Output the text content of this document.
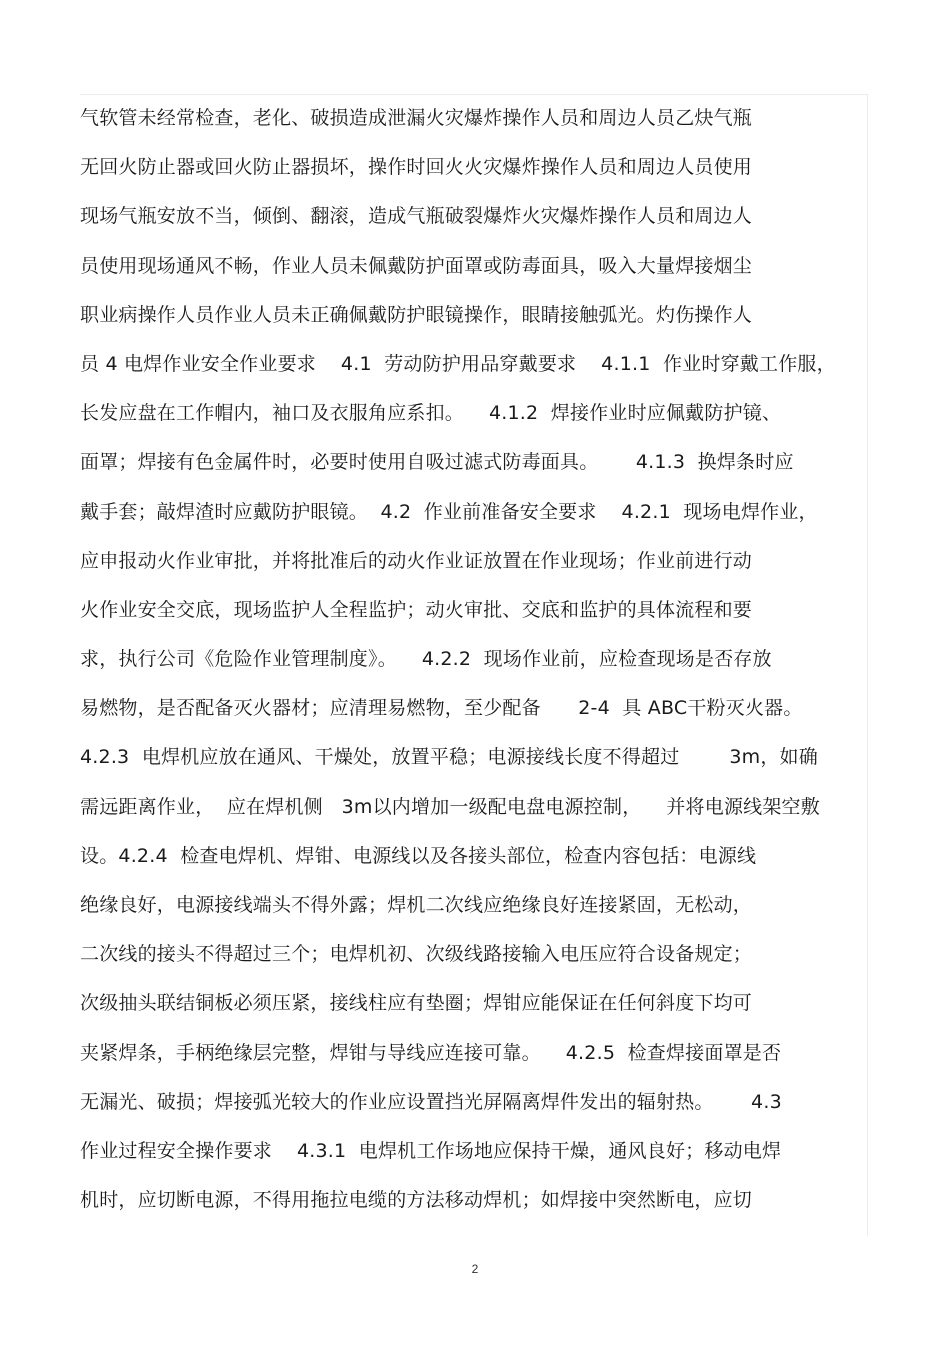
气软管未经常检查，老化、破损造成泄漏火灾爆炸操作人员和周边人员乙炔气瓶
无回火防止器或回火防止器损坏，操作时回火火灾爆炸操作人员和周边人员使用
现场气瓶安放不当，倾倒、翻滚，造成气瓶破裂爆炸火灾爆炸操作人员和周边人
员使用现场通风不畅，作业人员未佩戴防护面罩或防毒面具，吸入大量焊接烟尘
职业病操作人员作业人员未正确佩戴防护眼镜操作，眼睛接触弧光。灼伤操作人
员 4 电焊作业安全作业要求    4.1  劳动防护用品穿戴要求    4.1.1  作业时穿戴工作服，
长发应盘在工作帽内，袖口及衣服角应系扣。    4.1.2  焊接作业时应佩戴防护镜、
面罩；焊接有色金属件时，必要时使用自吸过滤式防毒面具。      4.1.3  换焊条时应
戴手套；敲焊渣时应戴防护眼镜。  4.2  作业前准备安全要求    4.2.1  现场电焊作业，
应申报动火作业审批，并将批准后的动火作业证放置在作业现场；作业前进行动
火作业安全交底，现场监护人全程监护；动火审批、交底和监护的具体流程和要
求，执行公司《危险作业管理制度》。    4.2.2  现场作业前，应检查现场是否存放
易燃物，是否配备灭火器材；应清理易燃物，至少配备      2-4  具 ABC干粉灭火器。
4.2.3  电焊机应放在通风、干燥处，放置平稳；电源接线长度不得超过        3m，如确
需远距离作业，  应在焊机侧   3m以内增加一级配电盘电源控制，    并将电源线架空敷
设。4.2.4  检查电焊机、焊钳、电源线以及各接头部位，检查内容包括：电源线
绝缘良好，电源接线端头不得外露；焊机二次线应绝缘良好连接紧固，无松动，
二次线的接头不得超过三个；电焊机初、次级线路接输入电压应符合设备规定；
次级抽头联结铜板必须压紧，接线柱应有垫圈；焊钳应能保证在任何斜度下均可
夹紧焊条，手柄绝缘层完整，焊钳与导线应连接可靠。    4.2.5  检查焊接面罩是否
无漏光、破损；焊接弧光较大的作业应设置挡光屏隔离焊件发出的辐射热。      4.3
作业过程安全操作要求    4.3.1  电焊机工作场地应保持干燥，通风良好；移动电焊
机时，应切断电源，不得用拖拉电缆的方法移动焊机；如焊接中突然断电，应切
2
